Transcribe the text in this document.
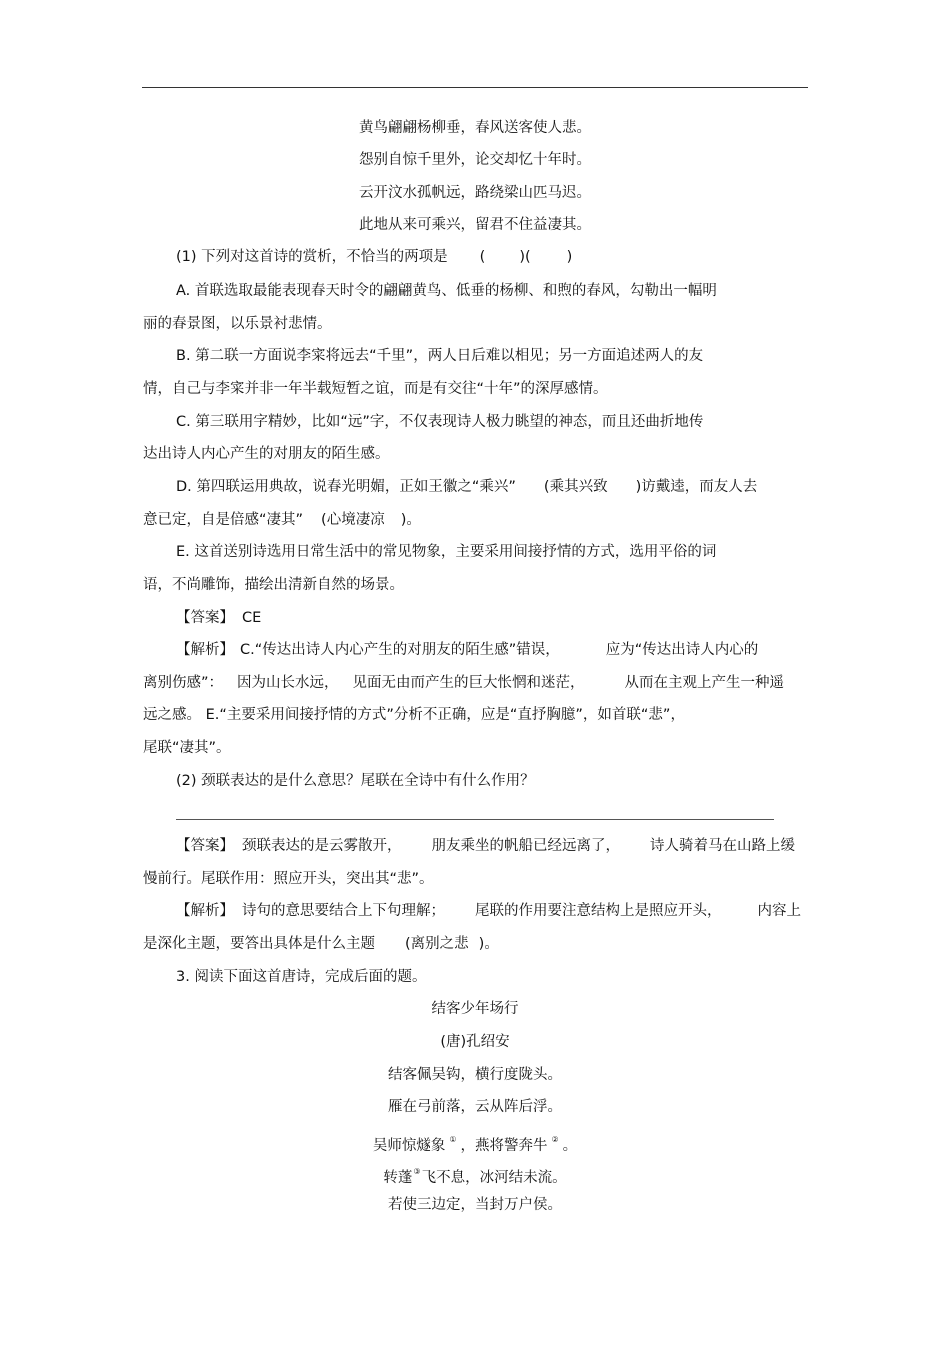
黄鸟翩翩杨柳垂，春风送客使人悲。
怨别自惊千里外，论交却忆十年时。
云开汶水孤帆远，路绕梁山匹马迟。
此地从来可乘兴，留君不住益凄其。
(1) 下列对这首诗的赏析，不恰当的两项是 ( )( )
A. 首联选取最能表现春天时令的翩翩黄鸟、低垂的杨柳、和煦的春风，勾勒出一幅明
丽的春景图，以乐景衬悲情。
B. 第二联一方面说李寀将远去“千里”，两人日后难以相见；另一方面追述两人的友
情，自己与李寀并非一年半载短暂之谊，而是有交往“十年”的深厚感情。
C. 第三联用字精妙，比如“远”字，不仅表现诗人极力眺望的神态，而且还曲折地传
达出诗人内心产生的对朋友的陌生感。
D. 第四联运用典故，说春光明媚，正如王徽之“乘兴” (乘其兴致 )访戴逵，而友人去
意已定，自是倍感“凄其” (心境凄凉 )。
E. 这首送别诗选用日常生活中的常见物象，主要采用间接抒情的方式，选用平俗的词
语，不尚雕饰，描绘出清新自然的场景。
【答案】 CE
【解析】 C.“传达出诗人内心产生的对朋友的陌生感”错误，	应为“传达出诗人内心的
离别伤感”： 因为山长水远， 见面无由而产生的巨大怅惘和迷茫，	从而在主观上产生一种遥
远之感。 E.“主要采用间接抒情的方式”分析不正确，应是“直抒胸臆”，如首联“悲”，
尾联“凄其”。
(2) 颈联表达的是什么意思？尾联在全诗中有什么作用？
【答案】 颈联表达的是云雾散开， 朋友乘坐的帆船已经远离了， 诗人骑着马在山路上缓
慢前行。尾联作用：照应开头，突出其“悲”。
【解析】 诗句的意思要结合上下句理解； 尾联的作用要注意结构上是照应开头， 内容上
是深化主题，要答出具体是什么主题 (离别之悲 )。
3. 阅读下面这首唐诗，完成后面的题。
结客少年场行
(唐)孔绍安
结客佩吴钩，横行度陇头。
雁在弓前落，云从阵后浮。
吴师惊燧象 ① ，燕将警奔牛 ② 。
转蓬③飞不息，冰河结未流。
若使三边定，当封万户侯。
